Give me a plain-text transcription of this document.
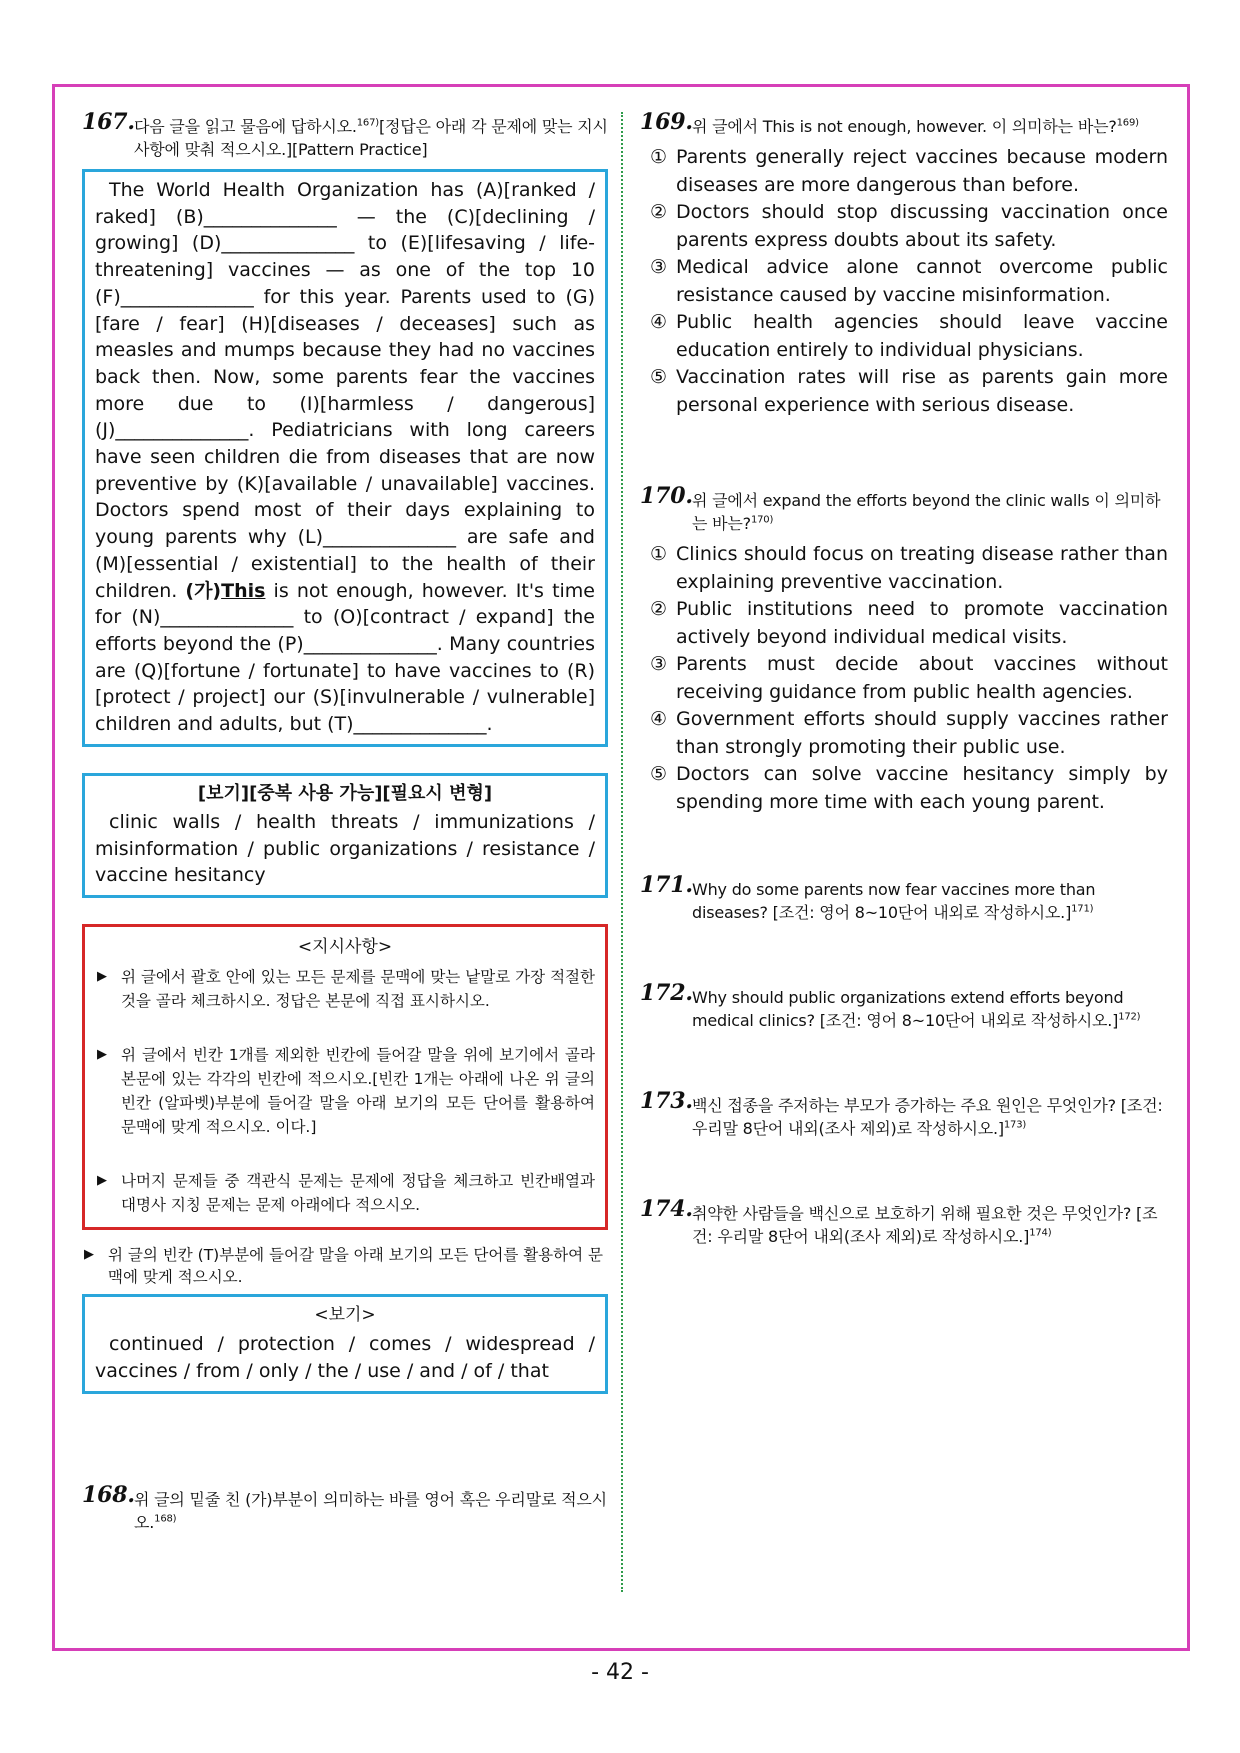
167. 다음 글을 읽고 물음에 답하시오.$^{167)}$[정답은 아래 각 문제에 맞는 지시사항에 맞춰 적으시오.][Pattern Practice]

The World Health Organization has (A)[ranked / raked] (B)______________ — the (C)[declining / growing] (D)______________ to (E)[lifesaving / life-threatening] vaccines — as one of the top 10 (F)______________ for this year. Parents used to (G)[fare / fear] (H)[diseases / deceases] such as measles and mumps because they had no vaccines back then. Now, some parents fear the vaccines more due to (I)[harmless / dangerous] (J)______________. Pediatricians with long careers have seen children die from diseases that are now preventive by (K)[available / unavailable] vaccines. Doctors spend most of their days explaining to young parents why (L)______________ are safe and (M)[essential / existential] to the health of their children. (가)This is not enough, however. It's time for (N)______________ to (O)[contract / expand] the efforts beyond the (P)______________. Many countries are (Q)[fortune / fortunate] to have vaccines to (R)[protect / project] our (S)[invulnerable / vulnerable] children and adults, but (T)______________.

[보기][중복 사용 가능][필요시 변형]
clinic walls / health threats / immunizations / misinformation / public organizations / resistance / vaccine hesitancy
<지시사항>
▶ 위 글에서 괄호 안에 있는 모든 문제를 문맥에 맞는 낱말로 가장 적절한 것을 골라 체크하시오. 정답은 본문에 직접 표시하시오.
▶ 위 글에서 빈칸 1개를 제외한 빈칸에 들어갈 말을 위에 보기에서 골라 본문에 있는 각각의 빈칸에 적으시오.[빈칸 1개는 아래에 나온 위 글의 빈칸 (알파벳)부분에 들어갈 말을 아래 보기의 모든 단어를 활용하여 문맥에 맞게 적으시오. 이다.]
▶ 나머지 문제들 중 객관식 문제는 문제에 정답을 체크하고 빈칸배열과 대명사 지칭 문제는 문제 아래에다 적으시오.
▶ 위 글의 빈칸 (T)부분에 들어갈 말을 아래 보기의 모든 단어를 활용하여 문맥에 맞게 적으시오.
<보기>
continued / protection / comes / widespread / vaccines / from / only / the / use / and / of / that
168. 위 글의 밑줄 친 (가)부분이 의미하는 바를 영어 혹은 우리말로 적으시오.$^{168)}$
169. 위 글에서 This is not enough, however. 이 의미하는 바는?$^{169)}$
① Parents generally reject vaccines because modern diseases are more dangerous than before.
② Doctors should stop discussing vaccination once parents express doubts about its safety.
③ Medical advice alone cannot overcome public resistance caused by vaccine misinformation.
④ Public health agencies should leave vaccine education entirely to individual physicians.
⑤ Vaccination rates will rise as parents gain more personal experience with serious disease.
170. 위 글에서 expand the efforts beyond the clinic walls 이 의미하는 바는?$^{170)}$
① Clinics should focus on treating disease rather than explaining preventive vaccination.
② Public institutions need to promote vaccination actively beyond individual medical visits.
③ Parents must decide about vaccines without receiving guidance from public health agencies.
④ Government efforts should supply vaccines rather than strongly promoting their public use.
⑤ Doctors can solve vaccine hesitancy simply by spending more time with each young parent.
171. Why do some parents now fear vaccines more than diseases? [조건: 영어 8~10단어 내외로 작성하시오.]$^{171)}$
172. Why should public organizations extend efforts beyond medical clinics? [조건: 영어 8~10단어 내외로 작성하시오.]$^{172)}$
173. 백신 접종을 주저하는 부모가 증가하는 주요 원인은 무엇인가? [조건: 우리말 8단어 내외(조사 제외)로 작성하시오.]$^{173)}$
174. 취약한 사람들을 백신으로 보호하기 위해 필요한 것은 무엇인가? [조건: 우리말 8단어 내외(조사 제외)로 작성하시오.]$^{174)}$
- 42 -
